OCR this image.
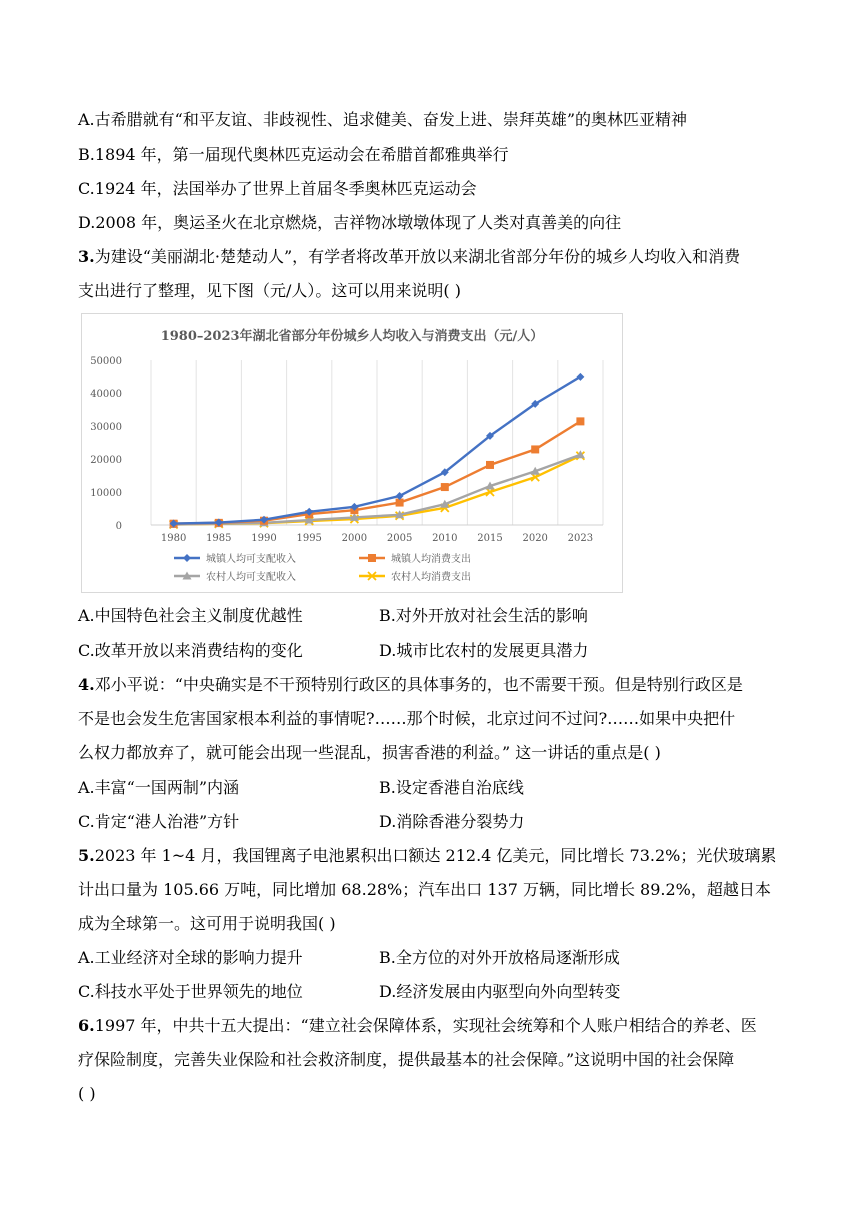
A.古希腊就有“和平友谊、非歧视性、追求健美、奋发上进、崇拜英雄”的奥林匹亚精神
B.1894 年，第一届现代奥林匹克运动会在希腊首都雅典举行
C.1924 年，法国举办了世界上首届冬季奥林匹克运动会
D.2008 年，奥运圣火在北京燃烧，吉祥物冰墩墩体现了人类对真善美的向往
3.为建设“美丽湖北·楚楚动人”，有学者将改革开放以来湖北省部分年份的城乡人均收入和消费
支出进行了整理，见下图（元/人）。这可以用来说明( )
1980–2023年湖北省部分年份城乡人均收入与消费支出（元/人）
0
10000
20000
30000
40000
50000
1980 1985 1990 1995 2000 2005 2010 2015 2020 2023
城镇人均可支配收入	城镇人均消费支出
农村人均可支配收入	农村人均消费支出
A.中国特色社会主义制度优越性	B.对外开放对社会生活的影响
C.改革开放以来消费结构的变化	D.城市比农村的发展更具潜力
4.邓小平说：“中央确实是不干预特别行政区的具体事务的，也不需要干预。但是特别行政区是
不是也会发生危害国家根本利益的事情呢?……那个时候，北京过问不过问?……如果中央把什
么权力都放弃了，就可能会出现一些混乱，损害香港的利益。” 这一讲话的重点是( )
A.丰富“一国两制”内涵	B.设定香港自治底线
C.肯定“港人治港”方针	D.消除香港分裂势力
5.2023 年 1~4 月，我国锂离子电池累积出口额达 212.4 亿美元，同比增长 73.2%；光伏玻璃累
计出口量为 105.66 万吨，同比增加 68.28%；汽车出口 137 万辆，同比增长 89.2%，超越日本
成为全球第一。这可用于说明我国( )
A.工业经济对全球的影响力提升	B.全方位的对外开放格局逐渐形成
C.科技水平处于世界领先的地位	D.经济发展由内驱型向外向型转变
6.1997 年，中共十五大提出：“建立社会保障体系，实现社会统筹和个人账户相结合的养老、医
疗保险制度，完善失业保险和社会救济制度，提供最基本的社会保障。”这说明中国的社会保障
( )
